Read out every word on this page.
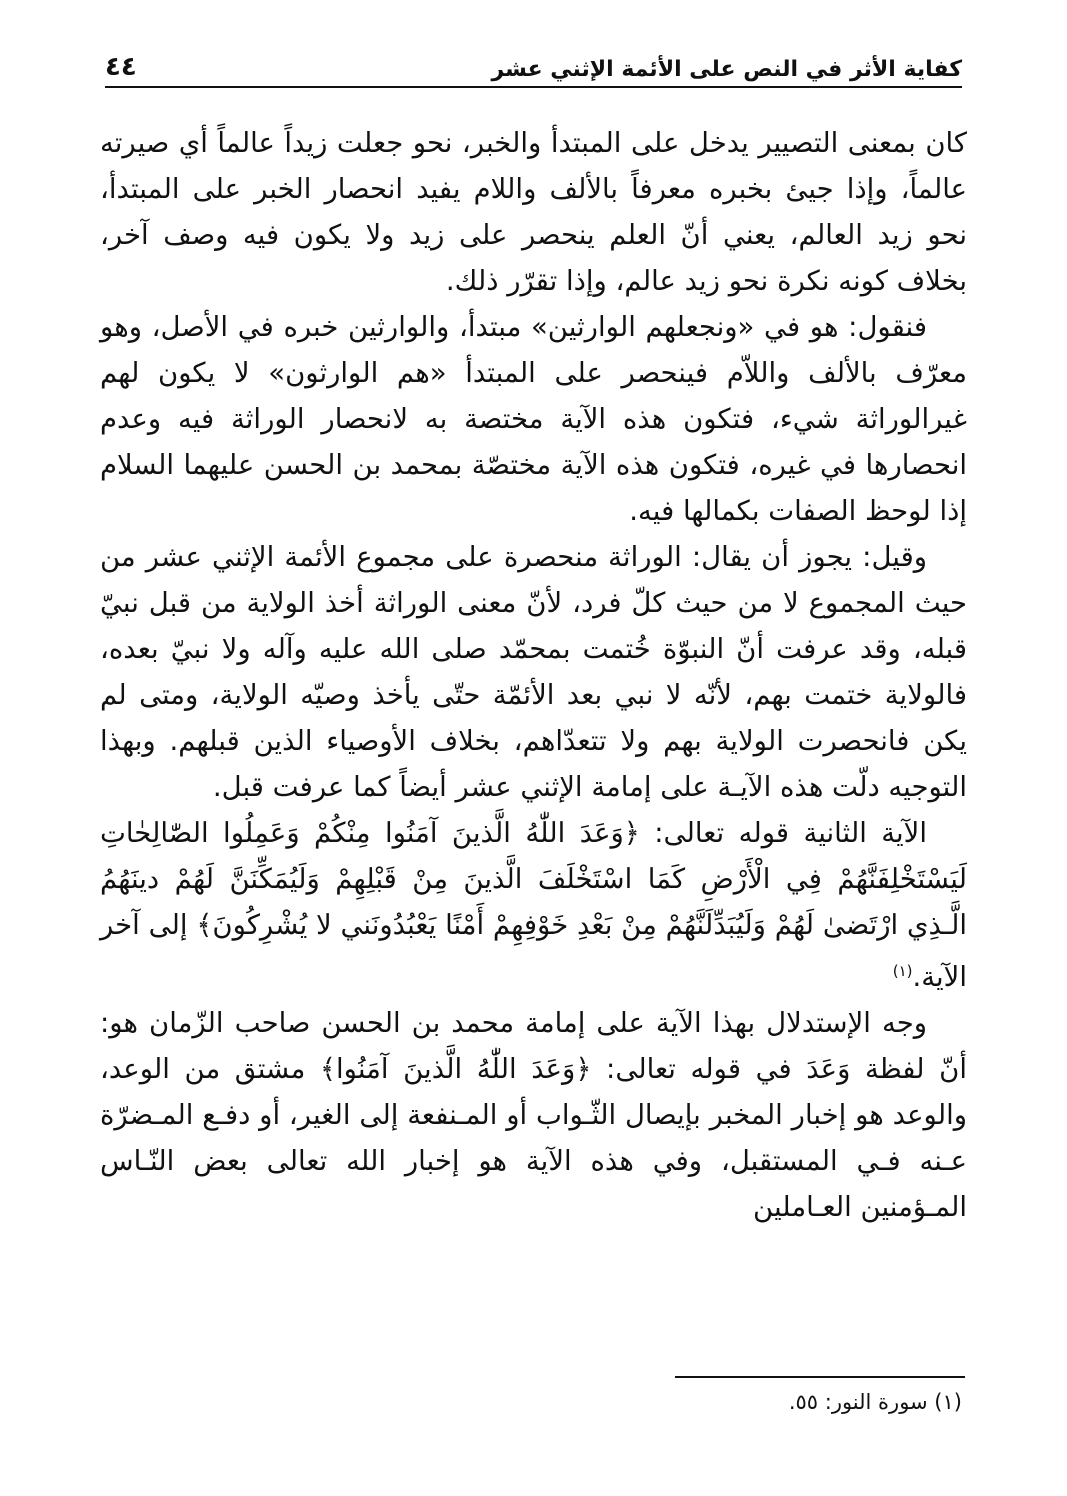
كفاية الأثر في النص على الأئمة الإثني عشر
٤٤

كان بمعنى التصيير يدخل على المبتدأ والخبر، نحو جعلت زيداً عالماً أي صيرته عالماً، وإذا جيئ بخبره معرفاً بالألف واللام يفيد انحصار الخبر على المبتدأ، نحو زيد العالم، يعني أنّ العلم ينحصر على زيد ولا يكون فيه وصف آخر، بخلاف كونه نكرة نحو زيد عالم، وإذا تقرّر ذلك.

فنقول: هو في «ونجعلهم الوارثين» مبتدأ، والوارثين خبره في الأصل، وهو معرّف بالألف واللاّم فينحصر على المبتدأ «هم الوارثون» لا يكون لهم غيرالوراثة شيء، فتكون هذه الآية مختصة به لانحصار الوراثة فيه وعدم انحصارها في غيره، فتكون هذه الآية مختصّة بمحمد بن الحسن عليهما السلام إذا لوحظ الصفات بكمالها فيه.

وقيل: يجوز أن يقال: الوراثة منحصرة على مجموع الأئمة الإثني عشر من حيث المجموع لا من حيث كلّ فرد، لأنّ معنى الوراثة أخذ الولاية من قبل نبيّ قبله، وقد عرفت أنّ النبوّة خُتمت بمحمّد صلى الله عليه وآله ولا نبيّ بعده، فالولاية ختمت بهم، لأنّه لا نبي بعد الأئمّة حتّى يأخذ وصيّه الولاية، ومتى لم يكن فانحصرت الولاية بهم ولا تتعدّاهم، بخلاف الأوصياء الذين قبلهم. وبهذا التوجيه دلّت هذه الآيـة على إمامة الإثني عشر أيضاً كما عرفت قبل.

الآية الثانية قوله تعالى: ﴿وَعَدَ اللّٰهُ الَّذينَ آمَنُوا مِنْكُمْ وَعَمِلُوا الصّٰالِحٰاتِ لَيَسْتَخْلِفَنَّهُمْ فِي الْأَرْضِ كَمَا اسْتَخْلَفَ الَّذينَ مِنْ قَبْلِهِمْ وَلَيُمَكِّنَنَّ لَهُمْ دينَهُمُ الَّـذِي ارْتَضىٰ لَهُمْ وَلَيُبَدِّلَنَّهُمْ مِنْ بَعْدِ خَوْفِهِمْ أَمْنًا يَعْبُدُونَني لا يُشْرِكُونَ﴾ إلى آخر الآية.$^{(١)}$

وجه الإستدلال بهذا الآية على إمامة محمد بن الحسن صاحب الزّمان هو: أنّ لفظة وَعَدَ في قوله تعالى: ﴿وَعَدَ اللّٰهُ الَّذينَ آمَنُوا﴾ مشتق من الوعد، والوعد هو إخبار المخبر بإيصال الثّـواب أو المـنفعة إلى الغير، أو دفـع المـضرّة عـنه فـي المستقبل، وفي هذه الآية هو إخبار الله تعالى بعض النّـاس المـؤمنين العـاملين

(١) سورة النور: ٥٥.
